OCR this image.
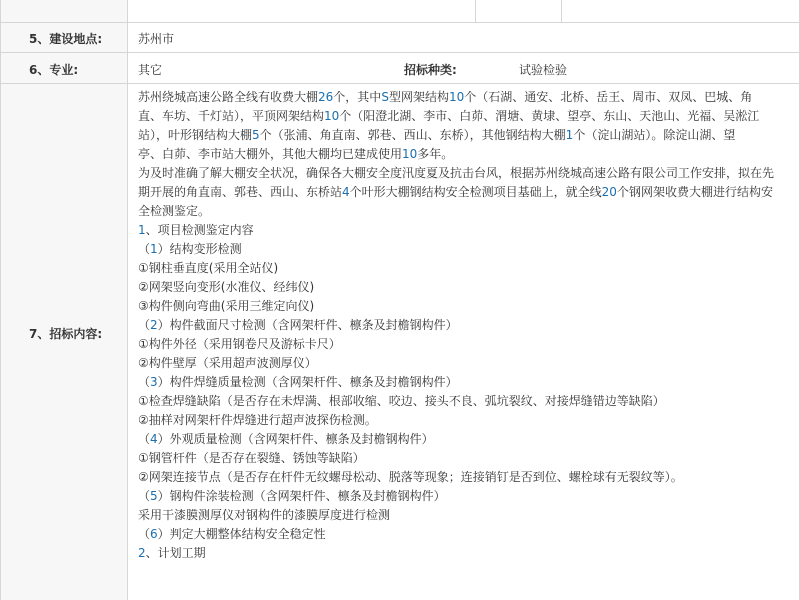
5、建设地点:	苏州市
6、专业:	其它	招标种类:	试验检验
7、招标内容:

苏州绕城高速公路全线有收费大棚26个，其中S型网架结构10个（石湖、通安、北桥、岳王、周市、双凤、巴城、角

直、车坊、千灯站），平顶网架结构10个（阳澄北湖、李市、白茆、渭塘、黄埭、望亭、东山、天池山、光福、吴淞江

站），叶形钢结构大棚5个（张浦、角直南、郭巷、西山、东桥），其他钢结构大棚1个（淀山湖站）。除淀山湖、望

亭、白茆、李市站大棚外，其他大棚均已建成使用10多年。

为及时准确了解大棚安全状况，确保各大棚安全度汛度夏及抗击台风，根据苏州绕城高速公路有限公司工作安排，拟在先

期开展的角直南、郭巷、西山、东桥站4个叶形大棚钢结构安全检测项目基础上，就全线20个钢网架收费大棚进行结构安

全检测鉴定。

1、项目检测鉴定内容

（1）结构变形检测

①钢柱垂直度(采用全站仪)

②网架竖向变形(水准仪、经纬仪)

③构件侧向弯曲(采用三维定向仪)

（2）构件截面尺寸检测（含网架杆件、檩条及封檐钢构件）

①构件外径（采用钢卷尺及游标卡尺）

②构件壁厚（采用超声波测厚仪）

（3）构件焊缝质量检测（含网架杆件、檩条及封檐钢构件）

①检查焊缝缺陷（是否存在未焊满、根部收缩、咬边、接头不良、弧坑裂纹、对接焊缝错边等缺陷）

②抽样对网架杆件焊缝进行超声波探伤检测。

（4）外观质量检测（含网架杆件、檩条及封檐钢构件）

①钢管杆件（是否存在裂缝、锈蚀等缺陷）

②网架连接节点（是否存在杆件无纹螺母松动、脱落等现象；连接销钉是否到位、螺栓球有无裂纹等）。

（5）钢构件涂装检测（含网架杆件、檩条及封檐钢构件）

采用干漆膜测厚仪对钢构件的漆膜厚度进行检测

（6）判定大棚整体结构安全稳定性

2、计划工期
